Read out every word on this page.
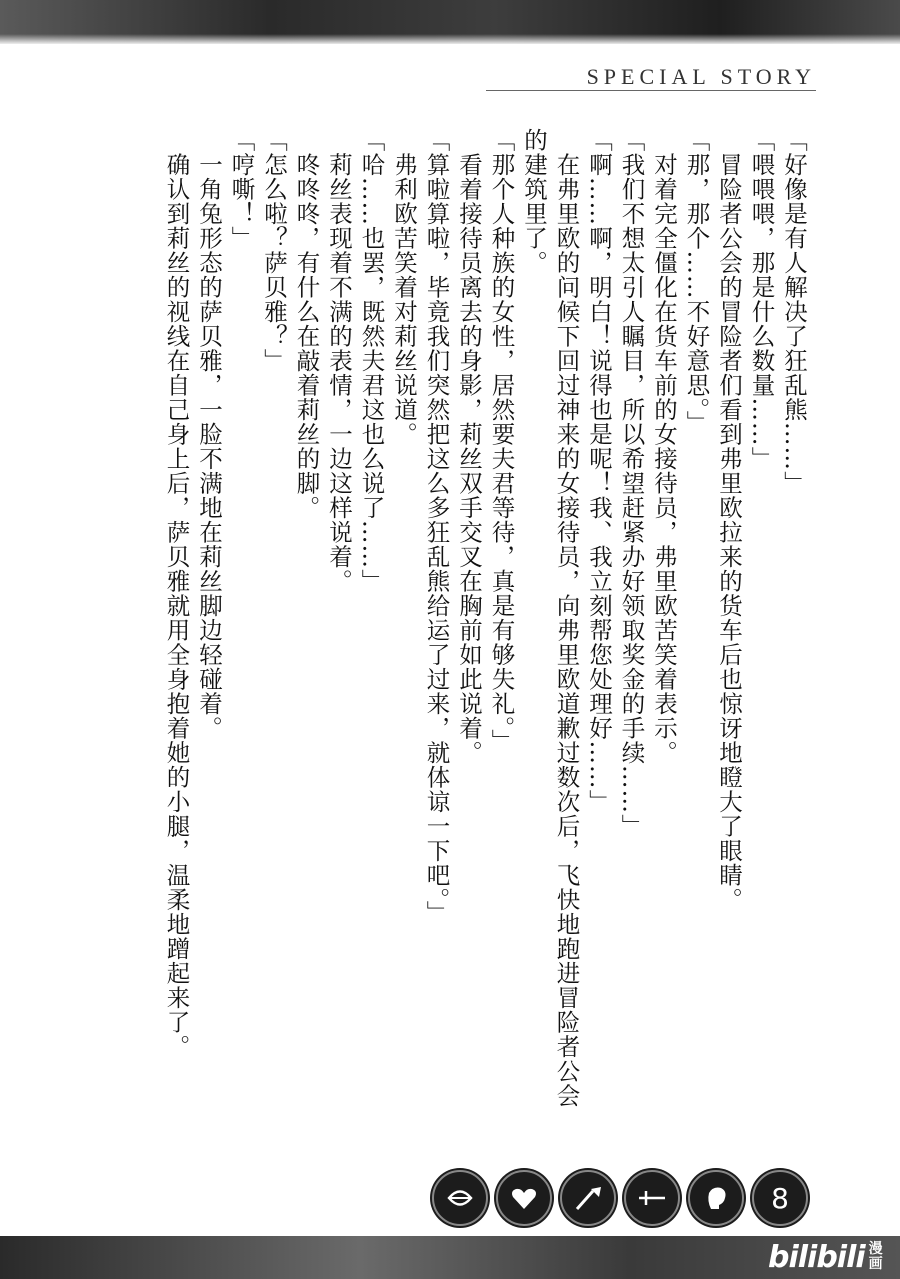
SPECIAL STORY

「好像是有人解决了狂乱熊……」

「喂喂喂，那是什么数量……」

　冒险者公会的冒险者们看到弗里欧拉来的货车后也惊讶地瞪大了眼睛。

「那，那个……不好意思。」

　对着完全僵化在货车前的女接待员，弗里欧苦笑着表示。

「我们不想太引人瞩目，所以希望赶紧办好领取奖金的手续……」

「啊……啊，明白！说得也是呢！我、我立刻帮您处理好……」

　在弗里欧的问候下回过神来的女接待员，向弗里欧道歉过数次后，飞快地跑进冒险者公会的建筑里了。

「那个人种族的女性，居然要夫君等待，真是有够失礼。」

　看着接待员离去的身影，莉丝双手交叉在胸前如此说着。

「算啦算啦，毕竟我们突然把这么多狂乱熊给运了过来，就体谅一下吧。」

　弗利欧苦笑着对莉丝说道。

「哈……也罢，既然夫君这也么说了……」

　莉丝表现着不满的表情，一边这样说着。

　咚咚咚，有什么在敲着莉丝的脚。

「怎么啦？萨贝雅？」

「哼嘶！」

　一角兔形态的萨贝雅，一脸不满地在莉丝脚边轻碰着。

　确认到莉丝的视线在自己身上后，萨贝雅就用全身抱着她的小腿，温柔地蹭起来了。

8
bilibili 漫
画
